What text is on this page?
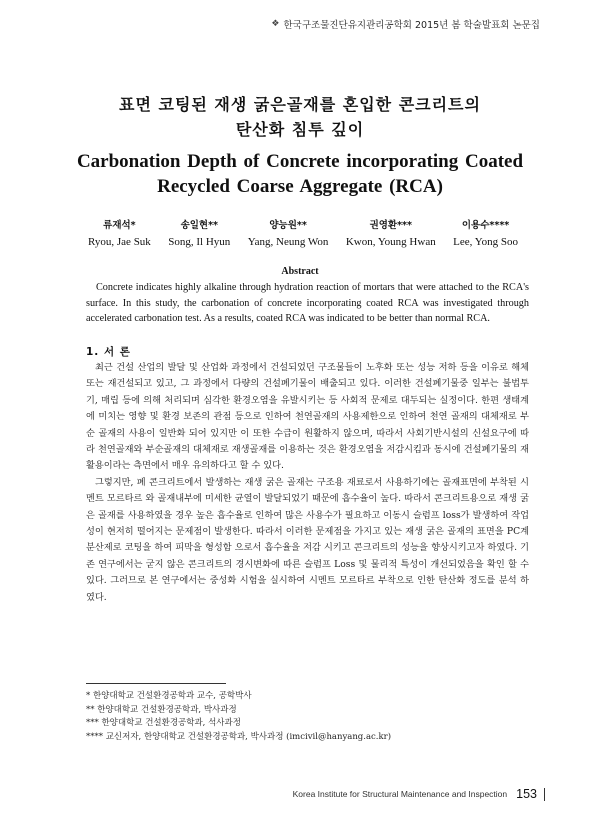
❖ 한국구조물진단유지관리공학회 2015년 봄 학술발표회 논문집
표면 코팅된 재생 굵은골재를 혼입한 콘크리트의
탄산화 침투 깊이
Carbonation Depth of Concrete incorporating Coated
Recycled Coarse Aggregate (RCA)
류재석*
Ryou, Jae Suk
송일현**
Song, Il Hyun
양능원**
Yang, Neung Won
권영환***
Kwon, Young Hwan
이용수****
Lee, Yong Soo
Abstract
Concrete indicates highly alkaline through hydration reaction of mortars that were attached to the RCA's surface. In this study, the carbonation of concrete incorporating coated RCA was investigated through accelerated carbonation test. As a results, coated RCA was indicated to be better than normal RCA.
1. 서 론

최근 건설 산업의 발달 및 산업화 과정에서 건설되었던 구조물들이 노후화 또는 성능 저하 등을 이유로 해체 또는 재건설되고 있고, 그 과정에서 다량의 건설폐기물이 배출되고 있다. 이러한 건설폐기물중 일부는 불법투기, 매립 등에 의해 처리되며 심각한 환경오염을 유발시키는 등 사회적 문제로 대두되는 실정이다. 한편 생태계에 미치는 영향 및 환경 보존의 관점 등으로 인하여 천연골재의 사용제한으로 인하여 천연 골재의 대체재로 부순 골재의 사용이 일반화 되어 있지만 이 또한 수급이 원활하지 않으며, 따라서 사회기반시설의 신설요구에 따라 천연골재와 부순골재의 대체재로 재생골재를 이용하는 것은 환경오염을 저감시킴과 동시에 건설폐기물의 재활용이라는 측면에서 매우 유의하다고 할 수 있다.

그렇지만, 폐 콘크리트에서 발생하는 재생 굵은 골재는 구조용 재료로서 사용하기에는 골재표면에 부착된 시멘트 모르타르 와 골재내부에 미세한 균열이 발달되었기 때문에 흡수율이 높다. 따라서 콘크리트용으로 재생 굵은 골재를 사용하였을 경우 높은 흡수율로 인하여 많은 사용수가 필요하고 이동시 슬럼프 loss가 발생하여 작업성이 현저히 떨어지는 문제점이 발생한다. 따라서 이러한 문제점을 가지고 있는 재생 굵은 골재의 표면을 PC계 분산제로 코팅을 하여 피막을 형성함 으로서 흡수율을 저감 시키고 콘크리트의 성능을 향상시키고자 하였다. 기존 연구에서는 굳지 않은 콘크리트의 경시변화에 따른 슬럼프 Loss 및 물리적 특성이 개선되었음을 확인 할 수 있다. 그러므로 본 연구에서는 중성화 시험을 실시하여 시멘트 모르타르 부착으로 인한 탄산화 정도를 분석 하였다.

* 한양대학교 건설환경공학과 교수, 공학박사
** 한양대학교 건설환경공학과, 박사과정
*** 한양대학교 건설환경공학과, 석사과정
**** 교신저자, 한양대학교 건설환경공학과, 박사과정 (imcivil@hanyang.ac.kr)
Korea Institute for Structural Maintenance and Inspection 153
